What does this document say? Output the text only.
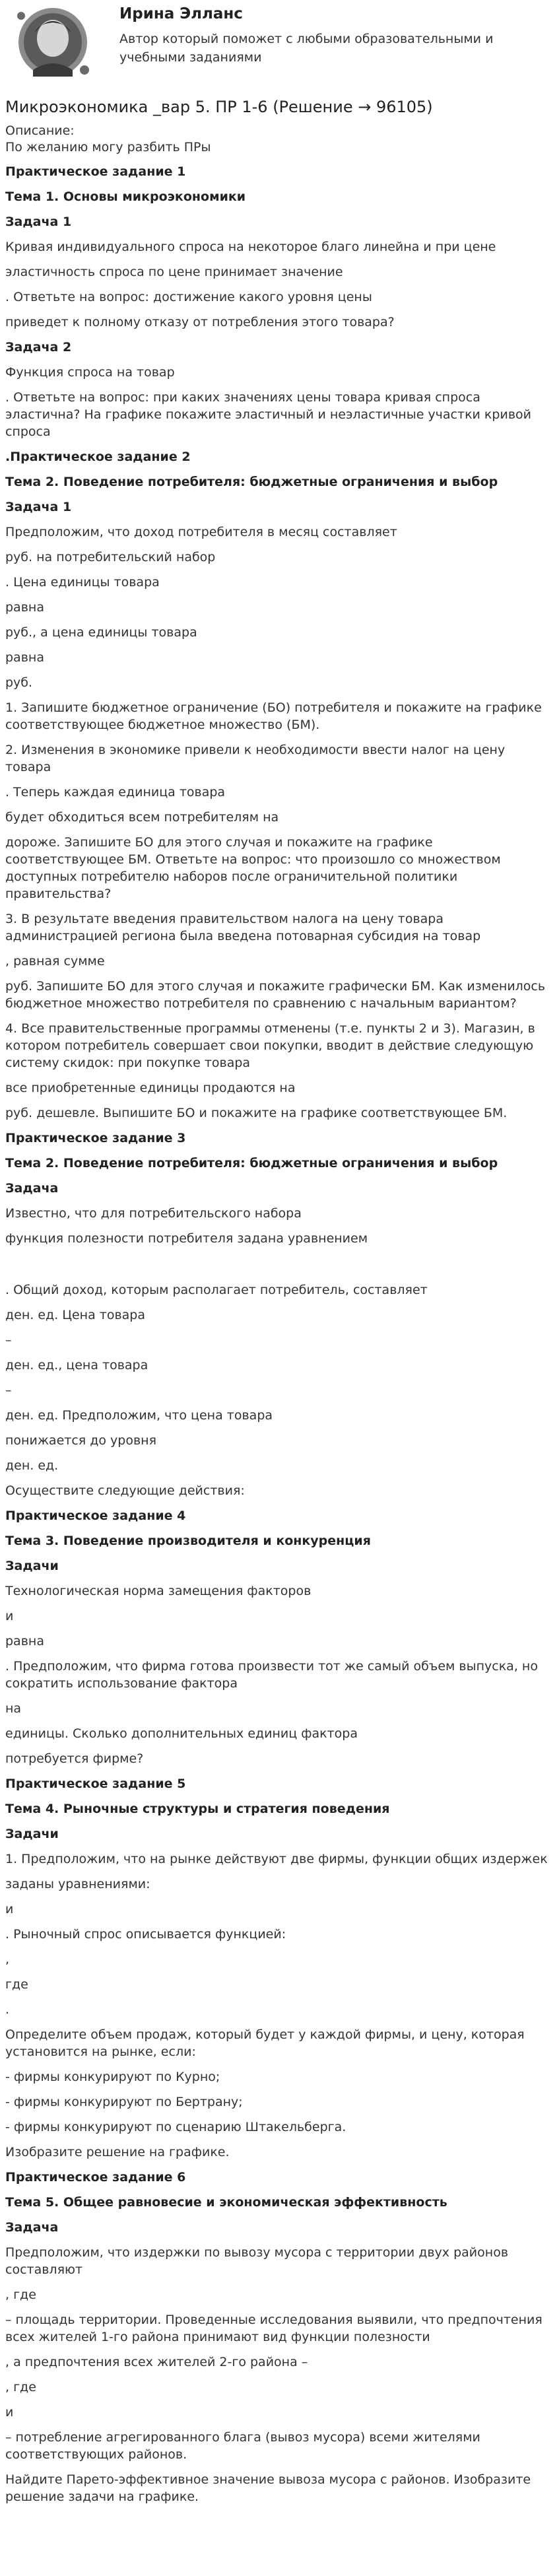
Ирина Элланс
Автор который поможет с любыми образовательными и учебными заданиями
Микроэкономика _вар 5. ПР 1-6 (Решение → 96105)
Описание:

По желанию могу разбить ПРы

Практическое задание 1

Тема 1. Основы микроэкономики

Задача 1

Кривая индивидуального спроса на некоторое благо линейна и при цене

эластичность спроса по цене принимает значение

. Ответьте на вопрос: достижение какого уровня цены

приведет к полному отказу от потребления этого товара?

Задача 2

Функция спроса на товар

. Ответьте на вопрос: при каких значениях цены товара кривая спроса

эластична? На графике покажите эластичный и неэластичные участки кривой

спроса

.Практическое задание 2

Тема 2. Поведение потребителя: бюджетные ограничения и выбор

Задача 1

Предположим, что доход потребителя в месяц составляет

руб. на потребительский набор

. Цена единицы товара

равна

руб., а цена единицы товара

равна

руб.

1. Запишите бюджетное ограничение (БО) потребителя и покажите на графике

соответствующее бюджетное множество (БМ).

2. Изменения в экономике привели к необходимости ввести налог на цену

товара

. Теперь каждая единица товара

будет обходиться всем потребителям на

дороже. Запишите БО для этого случая и покажите на графике

соответствующее БМ. Ответьте на вопрос: что произошло со множеством

доступных потребителю наборов после ограничительной политики

правительства?

3. В результате введения правительством налога на цену товара

администрацией региона была введена потоварная субсидия на товар

, равная сумме

руб. Запишите БО для этого случая и покажите графически БМ. Как изменилось

бюджетное множество потребителя по сравнению с начальным вариантом?

4. Все правительственные программы отменены (т.е. пункты 2 и 3). Магазин, в

котором потребитель совершает свои покупки, вводит в действие следующую

систему скидок: при покупке товара

все приобретенные единицы продаются на

руб. дешевле. Выпишите БО и покажите на графике соответствующее БМ.

Практическое задание 3

Тема 2. Поведение потребителя: бюджетные ограничения и выбор

Задача

Известно, что для потребительского набора

функция полезности потребителя задана уравнением

. Общий доход, которым располагает потребитель, составляет

ден. ед. Цена товара

–

ден. ед., цена товара

–

ден. ед. Предположим, что цена товара

понижается до уровня

ден. ед.

Осуществите следующие действия:

Практическое задание 4

Тема 3. Поведение производителя и конкуренция

Задачи

Технологическая норма замещения факторов

и

равна

. Предположим, что фирма готова произвести тот же самый объем выпуска, но

сократить использование фактора

на

единицы. Сколько дополнительных единиц фактора

потребуется фирме?

Практическое задание 5

Тема 4. Рыночные структуры и стратегия поведения

Задачи

1. Предположим, что на рынке действуют две фирмы, функции общих издержек

заданы уравнениями:

и

. Рыночный спрос описывается функцией:

,

где

.

Определите объем продаж, который будет у каждой фирмы, и цену, которая

установится на рынке, если:

- фирмы конкурируют по Курно;

- фирмы конкурируют по Бертрану;

- фирмы конкурируют по сценарию Штакельберга.

Изобразите решение на графике.

Практическое задание 6

Тема 5. Общее равновесие и экономическая эффективность

Задача

Предположим, что издержки по вывозу мусора с территории двух районов

составляют

, где

– площадь территории. Проведенные исследования выявили, что предпочтения

всех жителей 1-го района принимают вид функции полезности

, а предпочтения всех жителей 2-го района –

, где

и

– потребление агрегированного блага (вывоз мусора) всеми жителями

соответствующих районов.

Найдите Парето-эффективное значение вывоза мусора с районов. Изобразите

решение задачи на графике.
